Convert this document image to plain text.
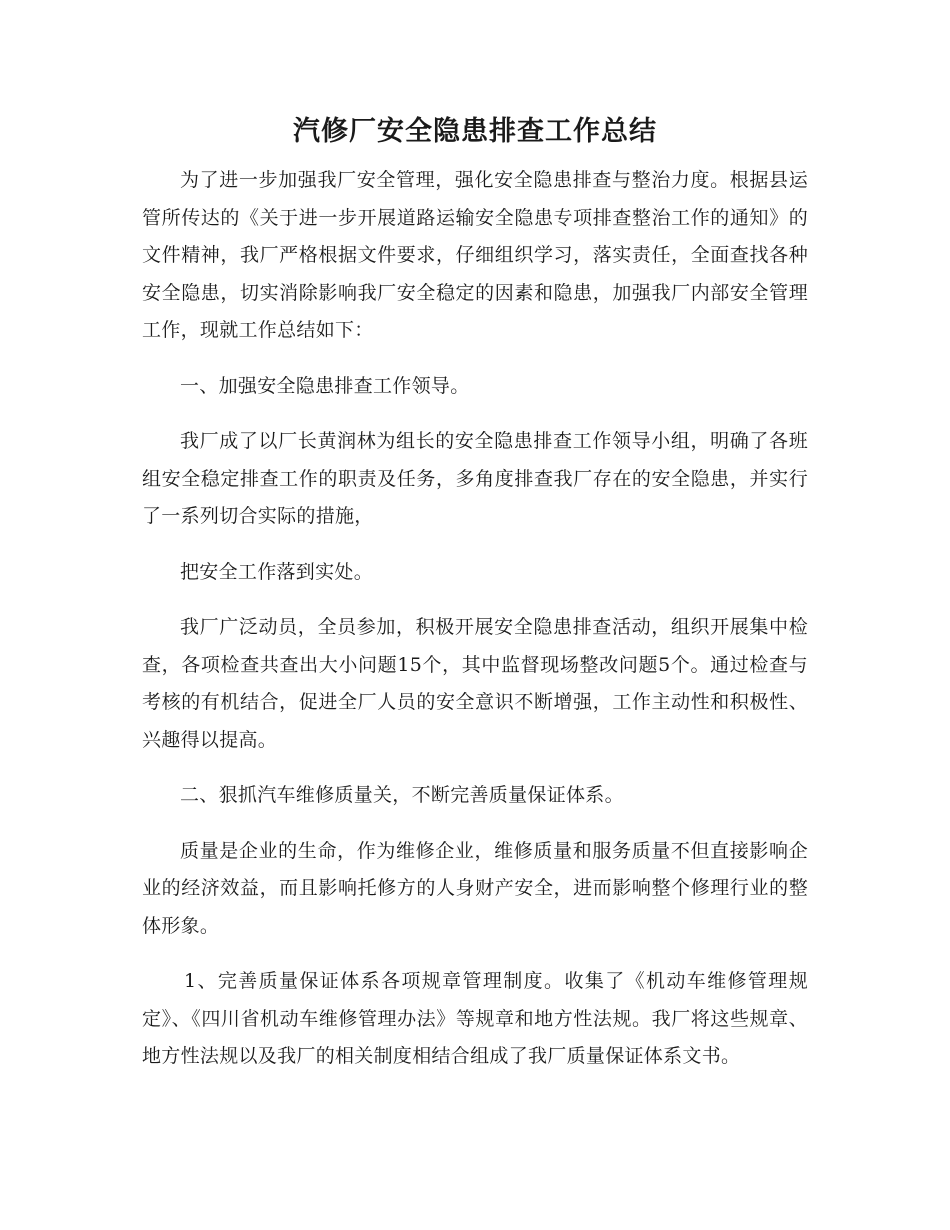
汽修厂安全隐患排查工作总结

为了进一步加强我厂安全管理，强化安全隐患排查与整治力度。根据县运管所传达的《关于进一步开展道路运输安全隐患专项排查整治工作的通知》的文件精神，我厂严格根据文件要求，仔细组织学习，落实责任，全面查找各种安全隐患，切实消除影响我厂安全稳定的因素和隐患，加强我厂内部安全管理工作，现就工作总结如下：

一、加强安全隐患排查工作领导。

我厂成了以厂长黄润林为组长的安全隐患排查工作领导小组，明确了各班组安全稳定排查工作的职责及任务，多角度排查我厂存在的安全隐患，并实行了一系列切合实际的措施，

把安全工作落到实处。

我厂广泛动员，全员参加，积极开展安全隐患排查活动，组织开展集中检查，各项检查共查出大小问题15个，其中监督现场整改问题5个。通过检查与考核的有机结合，促进全厂人员的安全意识不断增强，工作主动性和积极性、兴趣得以提高。

二、狠抓汽车维修质量关，不断完善质量保证体系。

质量是企业的生命，作为维修企业，维修质量和服务质量不但直接影响企业的经济效益，而且影响托修方的人身财产安全，进而影响整个修理行业的整体形象。

1、完善质量保证体系各项规章管理制度。收集了《机动车维修管理规定》、《四川省机动车维修管理办法》等规章和地方性法规。我厂将这些规章、地方性法规以及我厂的相关制度相结合组成了我厂质量保证体系文书。
